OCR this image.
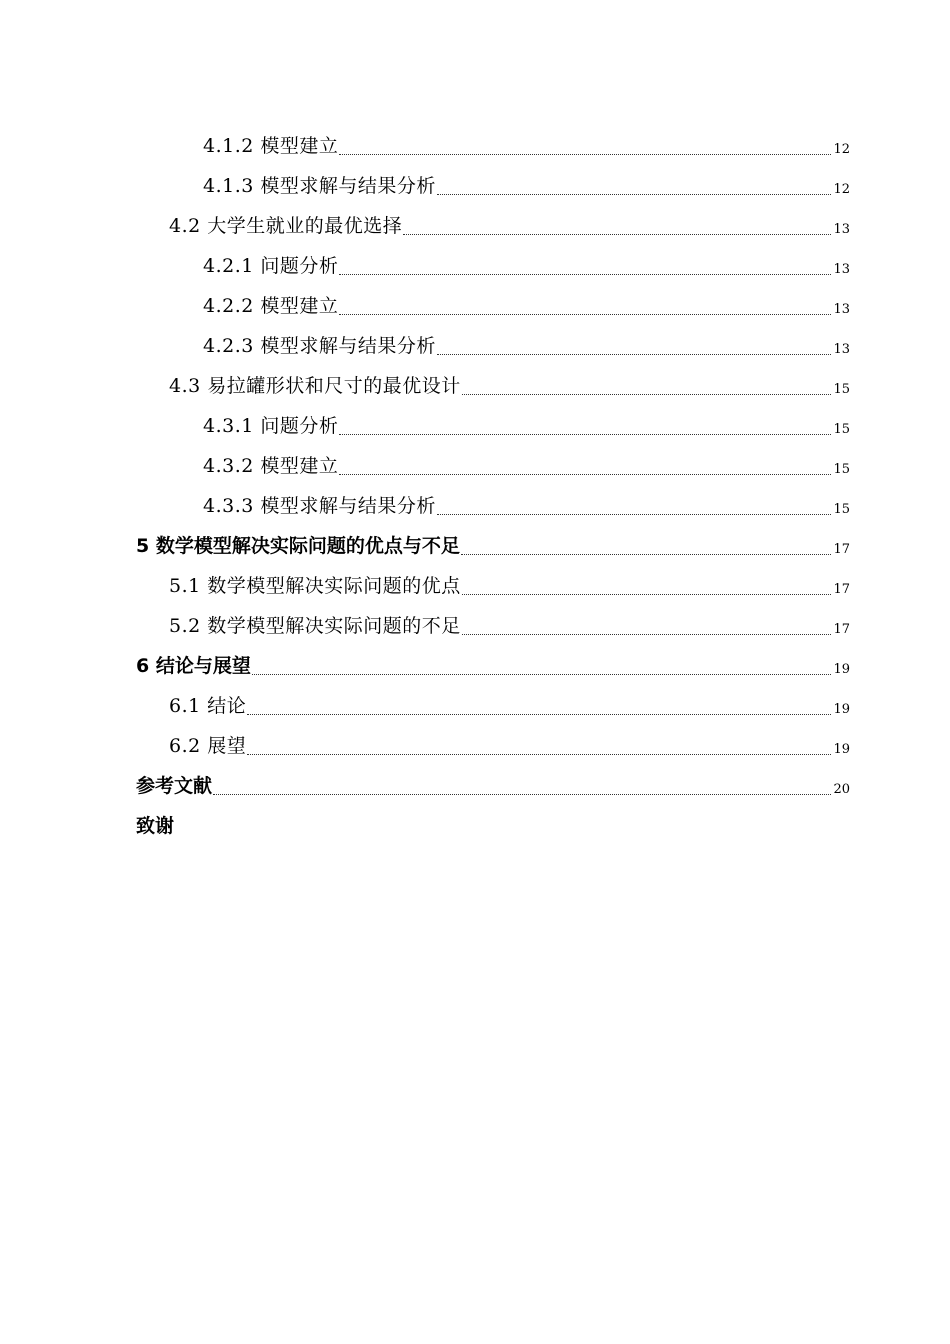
4.1.2 模型建立	12
4.1.3 模型求解与结果分析	12
4.2 大学生就业的最优选择	13
4.2.1 问题分析	13
4.2.2 模型建立	13
4.2.3 模型求解与结果分析	13
4.3 易拉罐形状和尺寸的最优设计	15
4.3.1 问题分析	15
4.3.2 模型建立	15
4.3.3 模型求解与结果分析	15
5 数学模型解决实际问题的优点与不足	17
5.1 数学模型解决实际问题的优点	17
5.2 数学模型解决实际问题的不足	17
6 结论与展望	19
6.1 结论	19
6.2 展望	19
参考文献	20
致谢
